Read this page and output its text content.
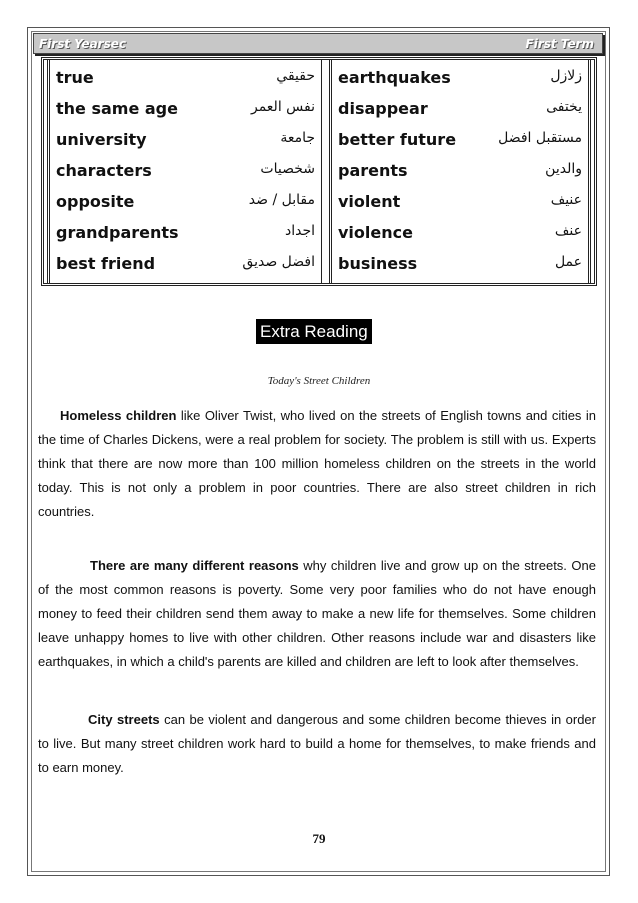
First Yearsec	First Term
true	حقيقي
the same age	نفس العمر
university	جامعة
characters	شخصيات
opposite	مقابل / ضد
grandparents	اجداد
best friend	افضل صديق
earthquakes	زلازل
disappear	يختفى
better future	مستقبل افضل
parents	والدين
violent	عنيف
violence	عنف
business	عمل
Extra Reading
Today's Street Children
Homeless children like Oliver Twist, who lived on the streets of English towns and cities in the time of Charles Dickens, were a real problem for society. The problem is still with us. Experts think that there are now more than 100 million homeless children on the streets in the world today. This is not only a problem in poor countries. There are also street children in rich countries.
There are many different reasons why children live and grow up on the streets. One of the most common reasons is poverty. Some very poor families who do not have enough money to feed their children send them away to make a new life for themselves. Some children leave unhappy homes to live with other children. Other reasons include war and disasters like earthquakes, in which a child's parents are killed and children are left to look after themselves.
City streets can be violent and dangerous and some children become thieves in order to live. But many street children work hard to build a home for themselves, to make friends and to earn money.
79
